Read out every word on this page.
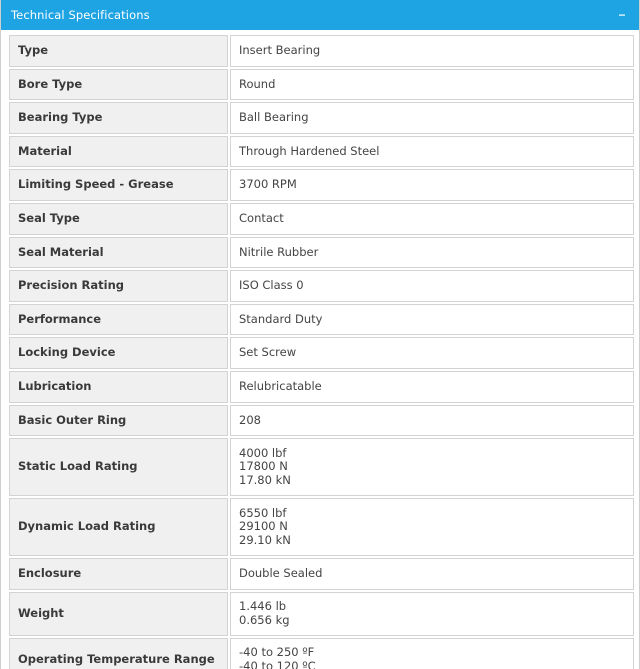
Technical Specifications
Type	Insert Bearing

Bore Type	Round

Bearing Type	Ball Bearing

Material	Through Hardened Steel

Limiting Speed - Grease	3700 RPM

Seal Type	Contact

Seal Material	Nitrile Rubber

Precision Rating	ISO Class 0

Performance	Standard Duty

Locking Device	Set Screw

Lubrication	Relubricatable

Basic Outer Ring	208

Static Load Rating	4000 lbf
17800 N
17.80 kN

Dynamic Load Rating	6550 lbf
29100 N
29.10 kN

Enclosure	Double Sealed

Weight	1.446 lb
0.656 kg

Operating Temperature Range	-40 to 250 ºF
-40 to 120 ºC
